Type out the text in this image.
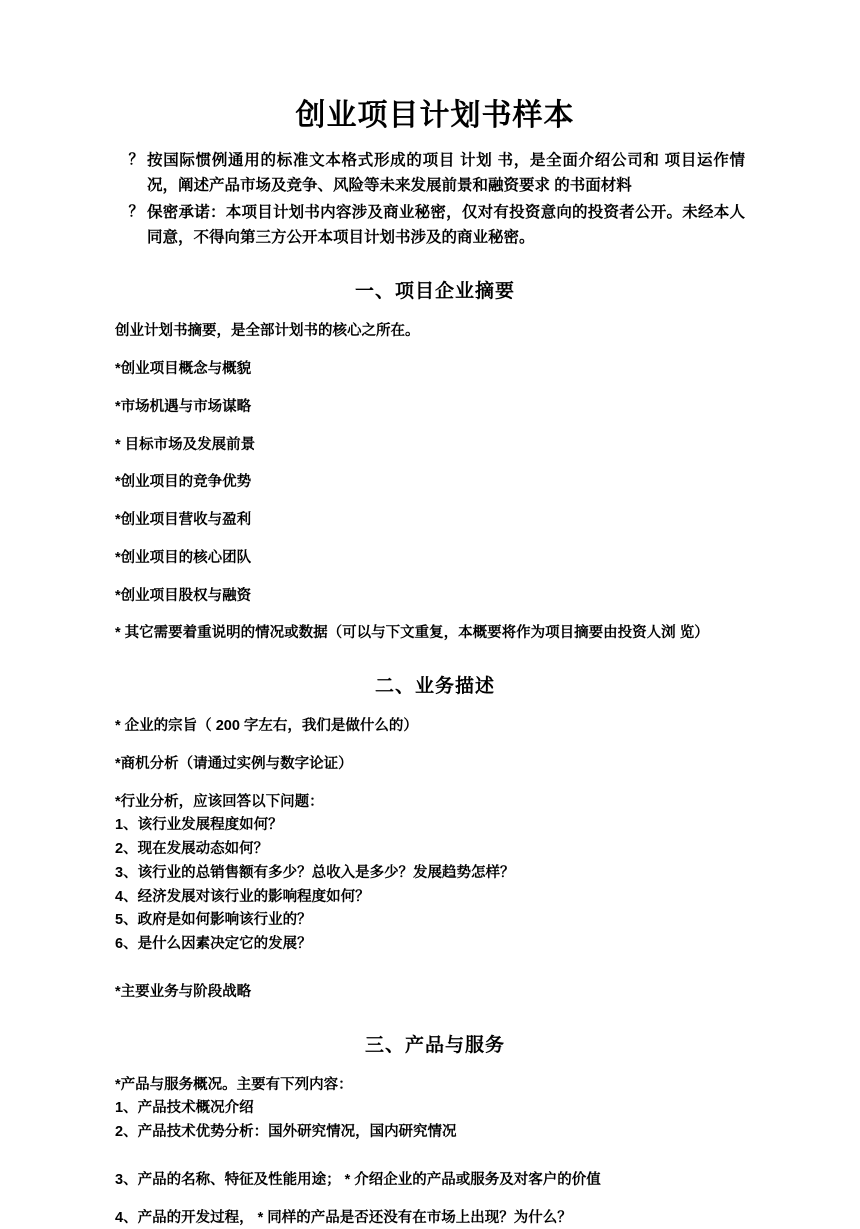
创业项目计划书样本
？ 按国际惯例通用的标准文本格式形成的项目 计划 书，是全面介绍公司和 项目运作情况，阐述产品市场及竞争、风险等未来发展前景和融资要求 的书面材料
？ 保密承诺：本项目计划书内容涉及商业秘密，仅对有投资意向的投资者公开。未经本人同意，不得向第三方公开本项目计划书涉及的商业秘密。
一、项目企业摘要
创业计划书摘要，是全部计划书的核心之所在。
*创业项目概念与概貌
*市场机遇与市场谋略
* 目标市场及发展前景
*创业项目的竞争优势
*创业项目营收与盈利
*创业项目的核心团队
*创业项目股权与融资
* 其它需要着重说明的情况或数据（可以与下文重复，本概要将作为项目摘要由投资人浏 览）
二、业务描述
* 企业的宗旨（ 200 字左右，我们是做什么的）
*商机分析（请通过实例与数字论证）
*行业分析，应该回答以下问题：
1、该行业发展程度如何？
2、现在发展动态如何？
3、该行业的总销售额有多少？总收入是多少？发展趋势怎样？
4、经济发展对该行业的影响程度如何？
5、政府是如何影响该行业的？
6、是什么因素决定它的发展？
*主要业务与阶段战略
三、产品与服务
*产品与服务概况。主要有下列内容：
1、产品技术概况介绍
2、产品技术优势分析：国外研究情况，国内研究情况
3、产品的名称、特征及性能用途； * 介绍企业的产品或服务及对客户的价值
4、产品的开发过程， * 同样的产品是否还没有在市场上出现？为什么？
